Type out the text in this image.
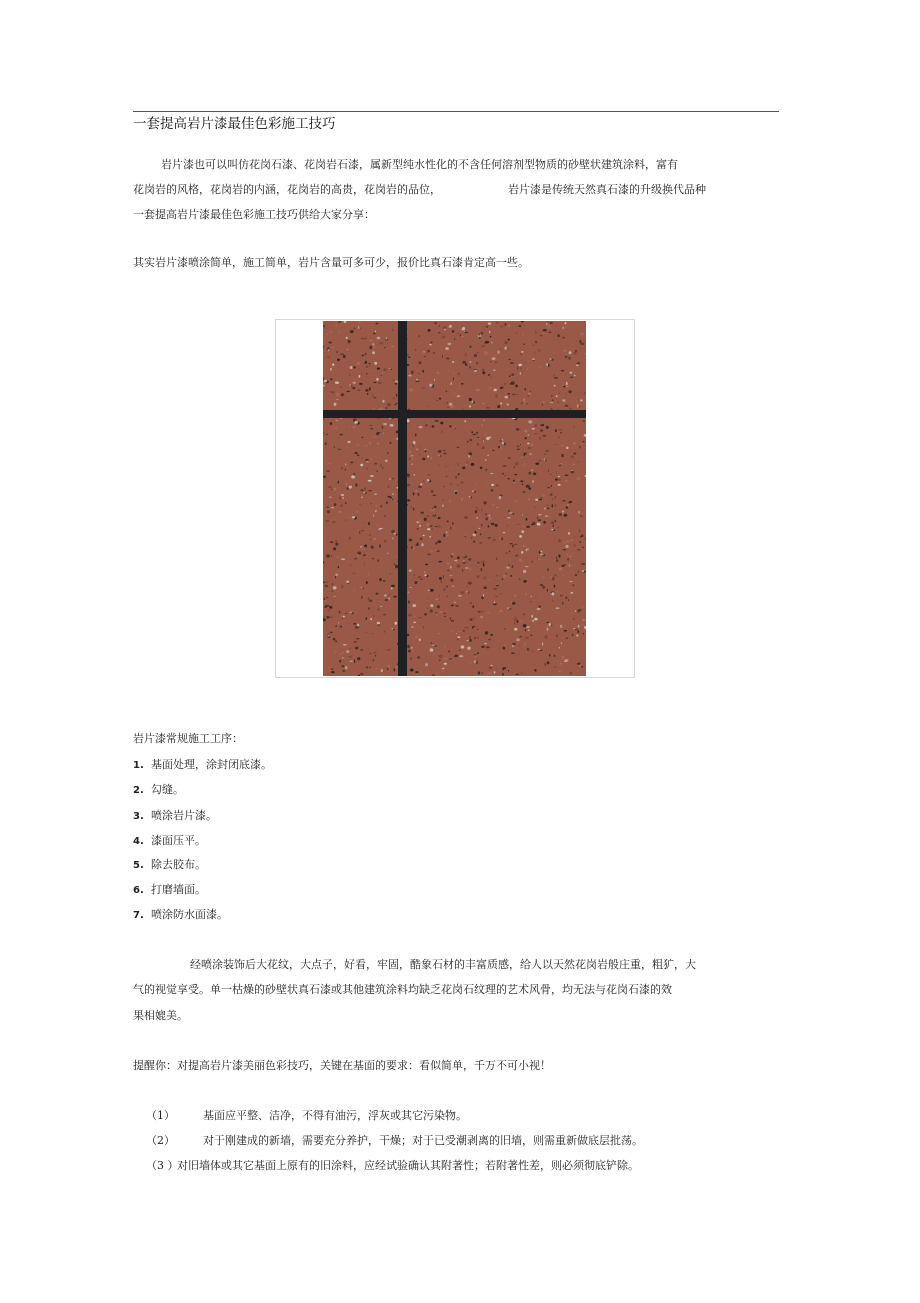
一套提高岩片漆最佳色彩施工技巧
岩片漆也可以叫仿花岗石漆、花岗岩石漆，属新型纯水性化的不含任何溶剂型物质的砂壁状建筑涂料，富有
花岗岩的风格，花岗岩的内涵，花岗岩的高贵，花岗岩的品位，	岩片漆是传统天然真石漆的升级换代品种
一套提高岩片漆最佳色彩施工技巧供给大家分享：
其实岩片漆喷涂简单，施工简单，岩片含量可多可少，报价比真石漆肯定高一些。
岩片漆常规施工工序：
1. 基面处理，涂封闭底漆。
2. 勾缝。
3. 喷涂岩片漆。
4. 漆面压平。
5. 除去胶布。
6. 打磨墙面。
7. 喷涂防水面漆。
经喷涂装饰后大花纹，大点子，好看，牢固，酷象石材的丰富质感，给人以天然花岗岩般庄重，粗犷，大
气的视觉享受。单一枯燥的砂壁状真石漆或其他建筑涂料均缺乏花岗石纹理的艺术风骨，均无法与花岗石漆的效
果相媲美。
提醒你：对提高岩片漆美丽色彩技巧，关键在基面的要求：看似简单，千万不可小视！
（1）	基面应平整、洁净，不得有油污，浮灰或其它污染物。
（2）	对于刚建成的新墙，需要充分养护，干燥；对于已受潮剥离的旧墙，则需重新做底层批荡。
（3 ）
对旧墙体或其它基面上原有的旧涂料，应经试验确认其附著性；若附著性差，则必须彻底铲除。
